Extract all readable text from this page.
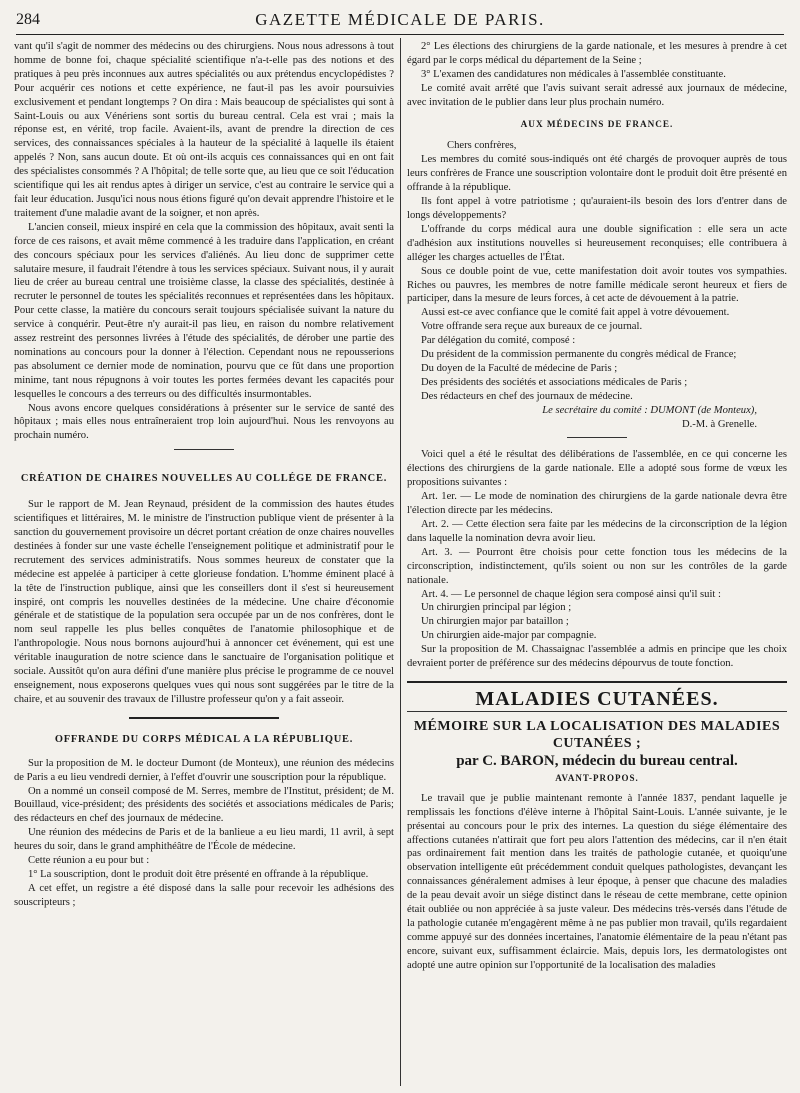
284	GAZETTE MÉDICALE DE PARIS.

vant qu'il s'agit de nommer des médecins ou des chirurgiens. Nous nous adressons à tout homme de bonne foi, chaque spécialité scientifique n'a-t-elle pas des notions et des pratiques à peu près inconnues aux autres spécialités ou aux prétendus encyclopédistes ? Pour acquérir ces notions et cette expérience, ne faut-il pas les avoir poursuivies exclusivement et pendant longtemps ? On dira : Mais beaucoup de spécialistes qui sont à Saint-Louis ou aux Vénériens sont sortis du bureau central. Cela est vrai ; mais la réponse est, en vérité, trop facile. Avaient-ils, avant de prendre la direction de ces services, des connaissances spéciales à la hauteur de la spécialité à laquelle ils étaient appelés ? Non, sans aucun doute. Et où ont-ils acquis ces connaissances qui en ont fait des spécialistes consommés ? A l'hôpital; de telle sorte que, au lieu que ce soit l'éducation scientifique qui les ait rendus aptes à diriger un service, c'est au contraire le service qui a fait leur éducation. Jusqu'ici nous nous étions figuré qu'on devait apprendre l'histoire et le traitement d'une maladie avant de la soigner, et non après.

L'ancien conseil, mieux inspiré en cela que la commission des hôpitaux, avait senti la force de ces raisons, et avait même commencé à les traduire dans l'application, en créant des concours spéciaux pour les services d'aliénés. Au lieu donc de supprimer cette salutaire mesure, il faudrait l'étendre à tous les services spéciaux. Suivant nous, il y aurait lieu de créer au bureau central une troisième classe, la classe des spécialités, destinée à recruter le personnel de toutes les spécialités reconnues et représentées dans les hôpitaux. Pour cette classe, la matière du concours serait toujours spécialisée suivant la nature du service à conquérir. Peut-être n'y aurait-il pas lieu, en raison du nombre relativement assez restreint des personnes livrées à l'étude des spécialités, de dérober une partie des nominations au concours pour la donner à l'élection. Cependant nous ne repousserions pas absolument ce dernier mode de nomination, pourvu que ce fût dans une proportion minime, tant nous répugnons à voir toutes les portes fermées devant les capacités pour lesquelles le concours a des terreurs ou des difficultés insurmontables.

Nous avons encore quelques considérations à présenter sur le service de santé des hôpitaux ; mais elles nous entraîneraient trop loin aujourd'hui. Nous les renvoyons au prochain numéro.

CRÉATION DE CHAIRES NOUVELLES AU COLLÉGE DE FRANCE.

Sur le rapport de M. Jean Reynaud, président de la commission des hautes études scientifiques et littéraires, M. le ministre de l'instruction publique vient de présenter à la sanction du gouvernement provisoire un décret portant création de onze chaires nouvelles destinées à fonder sur une vaste échelle l'enseignement politique et administratif pour le recrutement des services administratifs. Nous sommes heureux de constater que la médecine est appelée à participer à cette glorieuse fondation. L'homme éminent placé à la tête de l'instruction publique, ainsi que les conseillers dont il s'est si heureusement inspiré, ont compris les nouvelles destinées de la médecine. Une chaire d'économie générale et de statistique de la population sera occupée par un de nos confrères, dont le nom seul rappelle les plus belles conquêtes de l'anatomie philosophique et de l'anthropologie. Nous nous bornons aujourd'hui à annoncer cet événement, qui est une véritable inauguration de notre science dans le sanctuaire de l'organisation politique et sociale. Aussitôt qu'on aura défini d'une manière plus précise le programme de ce nouvel enseignement, nous exposerons quelques vues qui nous sont suggérées par le titre de la chaire, et au souvenir des travaux de l'illustre professeur qu'on y a fait asseoir.

OFFRANDE DU CORPS MÉDICAL A LA RÉPUBLIQUE.

Sur la proposition de M. le docteur Dumont (de Monteux), une réunion des médecins de Paris a eu lieu vendredi dernier, à l'effet d'ouvrir une souscription pour la république.

On a nommé un conseil composé de M. Serres, membre de l'Institut, président; de M. Bouillaud, vice-président; des présidents des sociétés et associations médicales de Paris; des rédacteurs en chef des journaux de médecine.

Une réunion des médecins de Paris et de la banlieue a eu lieu mardi, 11 avril, à sept heures du soir, dans le grand amphithéâtre de l'École de médecine.

Cette réunion a eu pour but :

1° La souscription, dont le produit doit être présenté en offrande à la république.

A cet effet, un registre a été disposé dans la salle pour recevoir les adhésions des souscripteurs ;

2° Les élections des chirurgiens de la garde nationale, et les mesures à prendre à cet égard par le corps médical du département de la Seine ;

3° L'examen des candidatures non médicales à l'assemblée constituante.

Le comité avait arrêté que l'avis suivant serait adressé aux journaux de médecine, avec invitation de le publier dans leur plus prochain numéro.

AUX MÉDECINS DE FRANCE.

Chers confrères,

Les membres du comité sous-indiqués ont été chargés de provoquer auprès de tous leurs confrères de France une souscription volontaire dont le produit doit être présenté en offrande à la république.

Ils font appel à votre patriotisme ; qu'auraient-ils besoin des lors d'entrer dans de longs développements?

L'offrande du corps médical aura une double signification : elle sera un acte d'adhésion aux institutions nouvelles si heureusement reconquises; elle contribuera à alléger les charges actuelles de l'État.

Sous ce double point de vue, cette manifestation doit avoir toutes vos sympathies. Riches ou pauvres, les membres de notre famille médicale seront heureux et fiers de participer, dans la mesure de leurs forces, à cet acte de dévouement à la patrie.

Aussi est-ce avec confiance que le comité fait appel à votre dévouement.

Votre offrande sera reçue aux bureaux de ce journal.

Par délégation du comité, composé :

Du président de la commission permanente du congrès médical de France;

Du doyen de la Faculté de médecine de Paris ;

Des présidents des sociétés et associations médicales de Paris ;

Des rédacteurs en chef des journaux de médecine.

Le secrétaire du comité : DUMONT (de Monteux),

D.-M. à Grenelle.

Voici quel a été le résultat des délibérations de l'assemblée, en ce qui concerne les élections des chirurgiens de la garde nationale. Elle a adopté sous forme de vœux les propositions suivantes :

Art. 1er. — Le mode de nomination des chirurgiens de la garde nationale devra être l'élection directe par les médecins.

Art. 2. — Cette élection sera faite par les médecins de la circonscription de la légion dans laquelle la nomination devra avoir lieu.

Art. 3. — Pourront être choisis pour cette fonction tous les médecins de la circonscription, indistinctement, qu'ils soient ou non sur les contrôles de la garde nationale.

Art. 4. — Le personnel de chaque légion sera composé ainsi qu'il suit :

Un chirurgien principal par légion ;

Un chirurgien major par bataillon ;

Un chirurgien aide-major par compagnie.

Sur la proposition de M. Chassaignac l'assemblée a admis en principe que les choix devraient porter de préférence sur des médecins dépourvus de toute fonction.

MALADIES CUTANÉES.
MÉMOIRE SUR LA LOCALISATION DES MALADIES CUTANÉES ;
par C. BARON, médecin du bureau central.
AVANT-PROPOS.

Le travail que je publie maintenant remonte à l'année 1837, pendant laquelle je remplissais les fonctions d'élève interne à l'hôpital Saint-Louis. L'année suivante, je le présentai au concours pour le prix des internes. La question du siége élémentaire des affections cutanées n'attirait que fort peu alors l'attention des médecins, car il n'en était pas ordinairement fait mention dans les traités de pathologie cutanée, et quoiqu'une observation intelligente eût précédemment conduit quelques pathologistes, devançant les connaissances généralement admises à leur époque, à penser que chacune des maladies de la peau devait avoir un siége distinct dans le réseau de cette membrane, cette opinion était oubliée ou non appréciée à sa juste valeur. Des médecins très-versés dans l'étude de la pathologie cutanée m'engagèrent même à ne pas publier mon travail, qu'ils regardaient comme appuyé sur des données incertaines, l'anatomie élémentaire de la peau n'étant pas encore, suivant eux, suffisamment éclaircie. Mais, depuis lors, les dermatologistes ont adopté une autre opinion sur l'opportunité de la localisation des maladies
